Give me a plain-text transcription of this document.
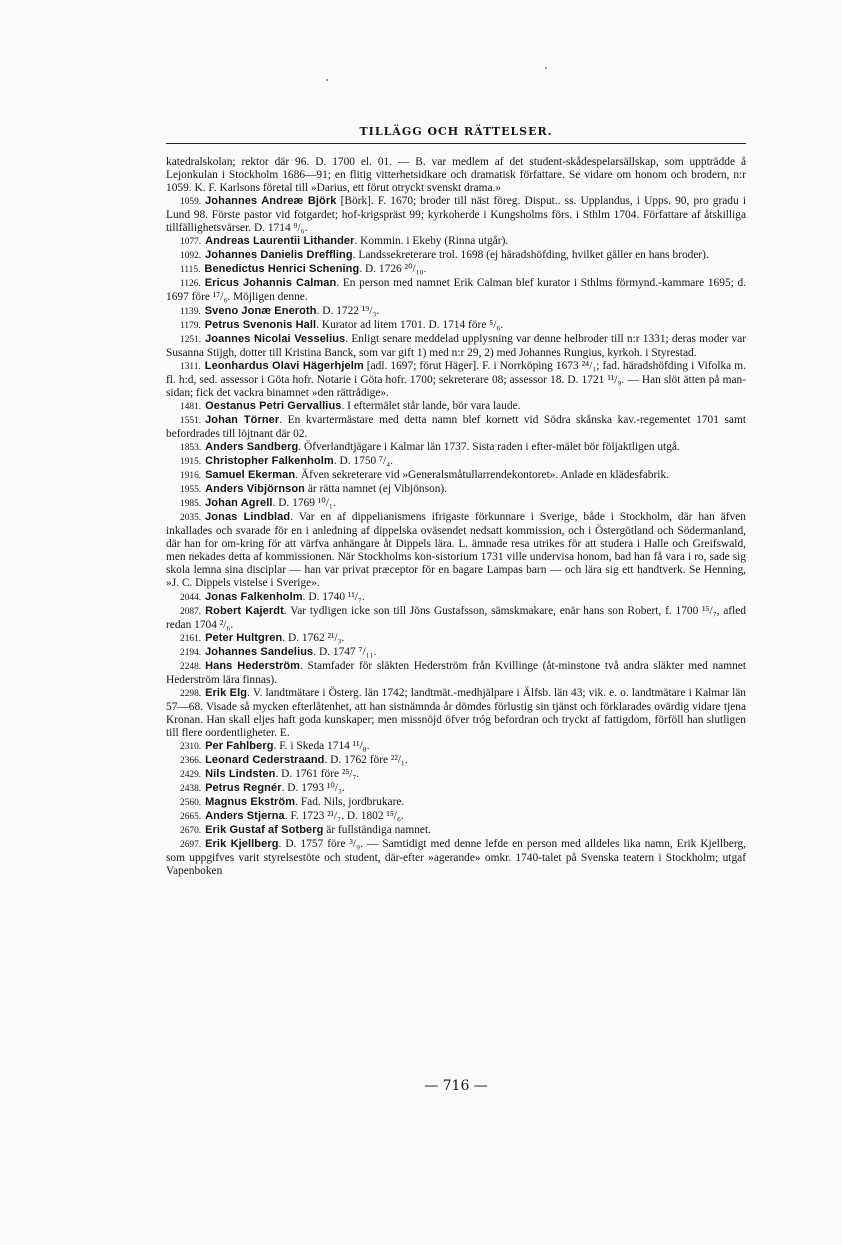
TILLÄGG OCH RÄTTELSER.

katedralskolan; rektor där 96. D. 1700 el. 01. — B. var medlem af det student-skådespelarsällskap, som uppträdde å Lejonkulan i Stockholm 1686—91; en flitig vitterhetsidkare och dramatisk författare. Se vidare om honom och brodern, n:r 1059. K. F. Karlsons företal till »Darius, ett förut otryckt svenskt drama.»

1059. Johannes Andreæ Björk [Börk]. F. 1670; broder till näst föreg. Disput.. ss. Upplandus, i Upps. 90, pro gradu i Lund 98. Förste pastor vid fotgardet; hof-krigspräst 99; kyrkoherde i Kungsholms förs. i Sthlm 1704. Författare af åtskilliga tillfällighetsvärser. D. 1714 ⁹/₆.

1077. Andreas Laurentii Lithander. Kommin. i Ekeby (Rinna utgår).

1092. Johannes Danielis Dreffling. Landssekreterare trol. 1698 (ej häradshöfding, hvilket gäller en hans broder).

1115. Benedictus Henrici Schening. D. 1726 ²⁰/₁₀.

1126. Ericus Johannis Calman. En person med namnet Erik Calman blef kurator i Sthlms förmynd.-kammare 1695; d. 1697 före ¹⁷/₆. Möjligen denne.

1139. Sveno Jonæ Eneroth. D. 1722 ¹⁹/₃.

1179. Petrus Svenonis Hall. Kurator ad litem 1701. D. 1714 före ⁵/₆.

1251. Joannes Nicolai Vesselius. Enligt senare meddelad upplysning var denne helbroder till n:r 1331; deras moder var Susanna Stijgh, dotter till Kristina Banck, som var gift 1) med n:r 29, 2) med Johannes Rungius, kyrkoh. i Styrestad.

1311. Leonhardus Olavi Hägerhjelm [adl. 1697; förut Häger]. F. i Norrköping 1673 ²⁴/₁; fad. häradshöfding i Vifolka m. fl. h:d, sed. assessor i Göta hofr. Notarie i Göta hofr. 1700; sekreterare 08; assessor 18. D. 1721 ¹¹/₉. — Han slöt ätten på man-sidan; fick det vackra binamnet »den rättrådige».

1481. Oestanus Petri Gervallius. I eftermälet står lande, bör vara laude.

1551. Johan Törner. En kvartermästare med detta namn blef kornett vid Södra skånska kav.-regementet 1701 samt befordrades till löjtnant där 02.

1853. Anders Sandberg. Öfverlandtjägare i Kalmar län 1737. Sista raden i efter-mälet bör följaktligen utgå.

1915. Christopher Falkenholm. D. 1750 ⁷/₄.

1916. Samuel Ekerman. Äfven sekreterare vid »Generalsmåtullarrendekontoret». Anlade en klädesfabrik.

1955. Anders Vibjörnson är rätta namnet (ej Vibjönson).

1985. Johan Agrell. D. 1769 ¹⁰/₁.

2035. Jonas Lindblad. Var en af dippelianismens ifrigaste förkunnare i Sverige, både i Stockholm, där han äfven inkallades och svarade för en i anledning af dippelska oväsendet nedsatt kommission, och i Östergötland och Södermanland, där han for om-kring för att värfva anhängare åt Dippels lära. L. ämnade resa utrikes för att studera i Halle och Greifswald, men nekades detta af kommissionen. När Stockholms kon-sistorium 1731 ville undervisa honom, bad han få vara i ro, sade sig skola lemna sina disciplar — han var privat præceptor för en bagare Lampas barn — och lära sig ett handtverk. Se Henning, »J. C. Dippels vistelse i Sverige».

2044. Jonas Falkenholm. D. 1740 ¹¹/₇.

2087. Robert Kajerdt. Var tydligen icke son till Jöns Gustafsson, sämskmakare, enär hans son Robert, f. 1700 ¹⁵/₇, afled redan 1704 ²/₆.

2161. Peter Hultgren. D. 1762 ²¹/₃.

2194. Johannes Sandelius. D. 1747 ⁷/₁₁.

2248. Hans Hederström. Stamfader för släkten Hederström från Kvillinge (åt-minstone två andra släkter med namnet Hederström lära finnas).

2298. Erik Elg. V. landtmätare i Österg. län 1742; landtmät.-medhjälpare i Älfsb. län 43; vik. e. o. landtmätare i Kalmar län 57—68. Visade så mycken efterlåtenhet, att han sistnämnda år dömdes förlustig sin tjänst och förklarades ovärdig vidare tjena Kronan. Han skall eljes haft goda kunskaper; men missnöjd öfver tróg befordran och tryckt af fattigdom, förföll han slutligen till flere oordentligheter. E.

2310. Per Fahlberg. F. i Skeda 1714 ¹¹/₈.

2366. Leonard Cederstraand. D. 1762 före ²²/₁.

2429. Nils Lindsten. D. 1761 före ²⁵/₇.

2438. Petrus Regnér. D. 1793 ¹⁰/₃.

2560. Magnus Ekström. Fad. Nils, jordbrukare.

2665. Anders Stjerna. F. 1723 ²¹/₇. D. 1802 ¹⁵/₆.

2670. Erik Gustaf af Sotberg är fullständiga namnet.

2697. Erik Kjellberg. D. 1757 före ³/₉. — Samtidigt med denne lefde en person med alldeles lika namn, Erik Kjellberg, som uppgifves varit styrelsestöte och student, där-efter »agerande» omkr. 1740-talet på Svenska teatern i Stockholm; utgaf Vapenboken

— 716 —
